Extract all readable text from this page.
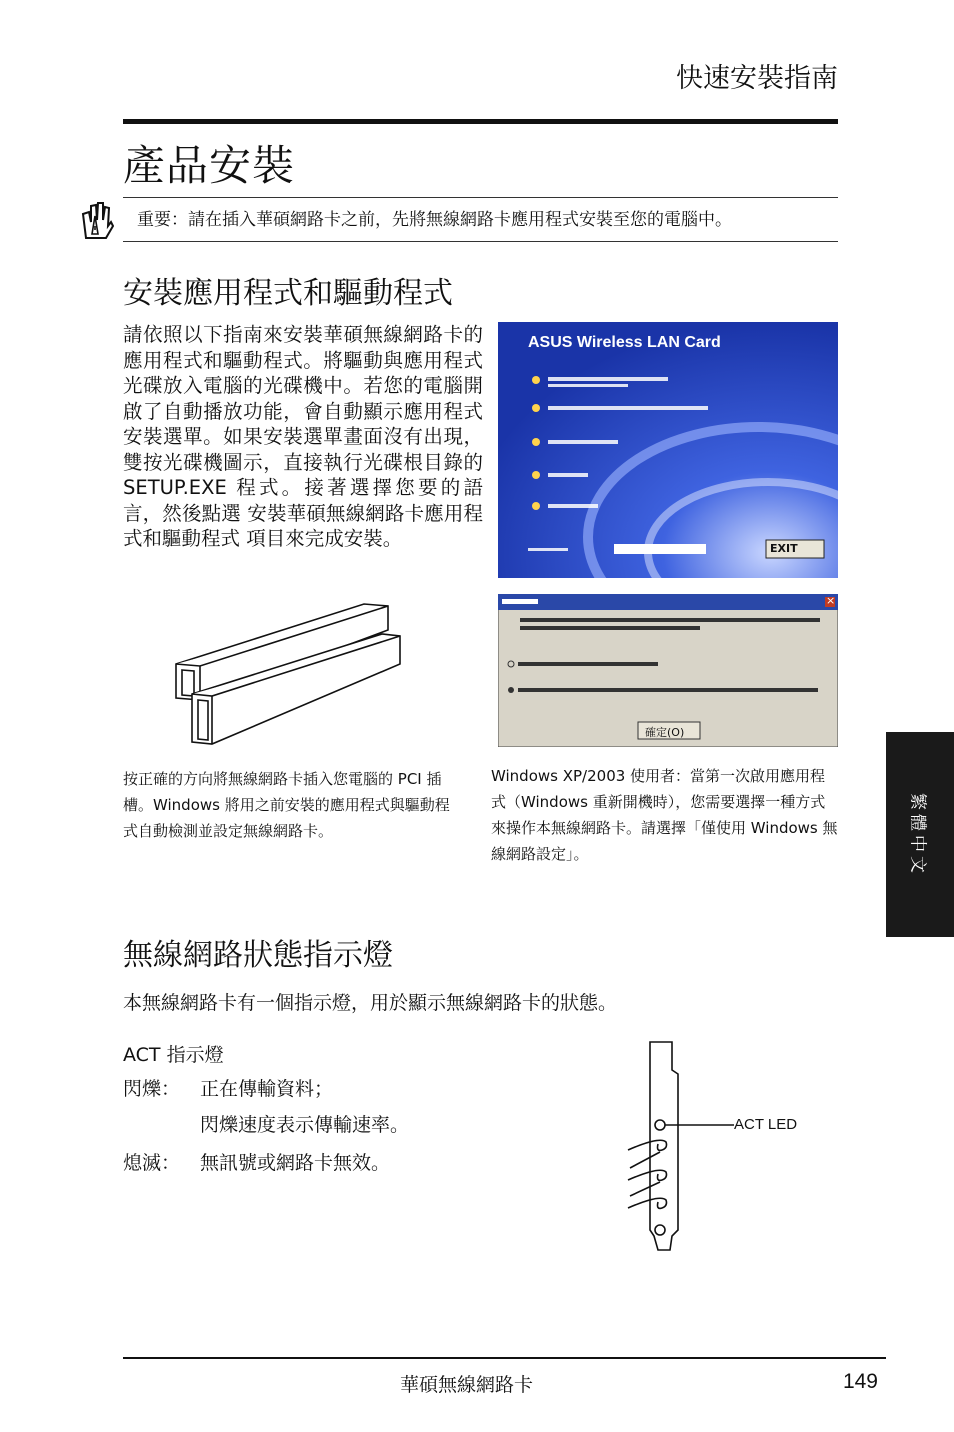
快速安裝指南
產品安裝
重要：請在插入華碩網路卡之前，先將無線網路卡應用程式安裝至您的電腦中。
安裝應用程式和驅動程式
請依照以下指南來安裝華碩無線網路卡的應用程式和驅動程式。將驅動與應用程式光碟放入電腦的光碟機中。若您的電腦開啟了自動播放功能，會自動顯示應用程式安裝選單。如果安裝選單畫面沒有出現，雙按光碟機圖示，直接執行光碟根目錄的 SETUP.EXE 程式。接著選擇您要的語言，然後點選 安裝華碩無線網路卡應用程式和驅動程式 項目來完成安裝。
ASUS Wireless LAN Card
EXIT
確定(O)
×
按正確的方向將無線網路卡插入您電腦的 PCI 插槽。Windows 將用之前安裝的應用程式與驅動程式自動檢測並設定無線網路卡。
Windows XP/2003 使用者：當第一次啟用應用程式（Windows 重新開機時），您需要選擇一種方式來操作本無線網路卡。請選擇「僅使用 Windows 無線網路設定」。	繁體中文
無線網路狀態指示燈
本無線網路卡有一個指示燈，用於顯示無線網路卡的狀態。
ACT 指示燈
閃爍： 正在傳輸資料；
閃爍速度表示傳輸速率。
熄滅： 無訊號或網路卡無效。
ACT LED
華碩無線網路卡	149
